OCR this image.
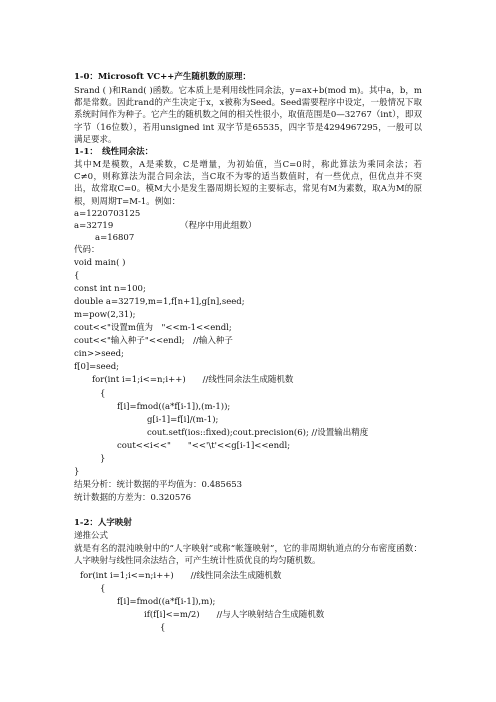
1-0：Microsoft VC++产生随机数的原理：

Srand ( )和Rand( )函数。它本质上是利用线性同余法，y=ax+b(mod m)。其中a，b，m都是常数。因此rand的产生决定于x，x被称为Seed。Seed需要程序中设定，一般情况下取系统时间作为种子。它产生的随机数之间的相关性很小，取值范围是0—32767（int），即双字节（16位数），若用unsigned int 双字节是65535，四字节是4294967295，一般可以满足要求。

1-1：　线性同余法：

其中M是模数，A是乘数，C是增量，为初始值，当C=0时，称此算法为乘同余法；若C≠0，则称算法为混合同余法，当C取不为零的适当数值时，有一些优点，但优点并不突出，故常取C=0。模M大小是发生器周期长短的主要标志，常见有M为素数，取A为M的原根，则周期T=M-1。例如：

a=1220703125
a=32719	（程序中用此组数）
a=16807
代码：
void main( )
{
const int n=100;
double a=32719,m=1,f[n+1],g[n],seed;
m=pow(2,31);
cout<<"设置m值为　"<<m-1<<endl;
cout<<"输入种子"<<endl;　//输入种子
cin>>seed;
f[0]=seed;
for(int i=1;i<=n;i++)　　//线性同余法生成随机数
{
f[i]=fmod((a*f[i-1]),(m-1));
g[i-1]=f[i]/(m-1);
cout.setf(ios::fixed);cout.precision(6); //设置输出精度
cout<<i<<"　　"<<'\t'<<g[i-1]<<endl;
}
}
结果分析：统计数据的平均值为：0.485653
统计数据的方差为：0.320576
1-2：人字映射
递推公式

就是有名的混沌映射中的“人字映射”或称“帐篷映射”，它的非周期轨道点的分布密度函数：人字映射与线性同余法结合，可产生统计性质优良的均匀随机数。

for(int i=1;i<=n;i++)　　//线性同余法生成随机数
{
f[i]=fmod((a*f[i-1]),m);
if(f[i]<=m/2)　　//与人字映射结合生成随机数
{
